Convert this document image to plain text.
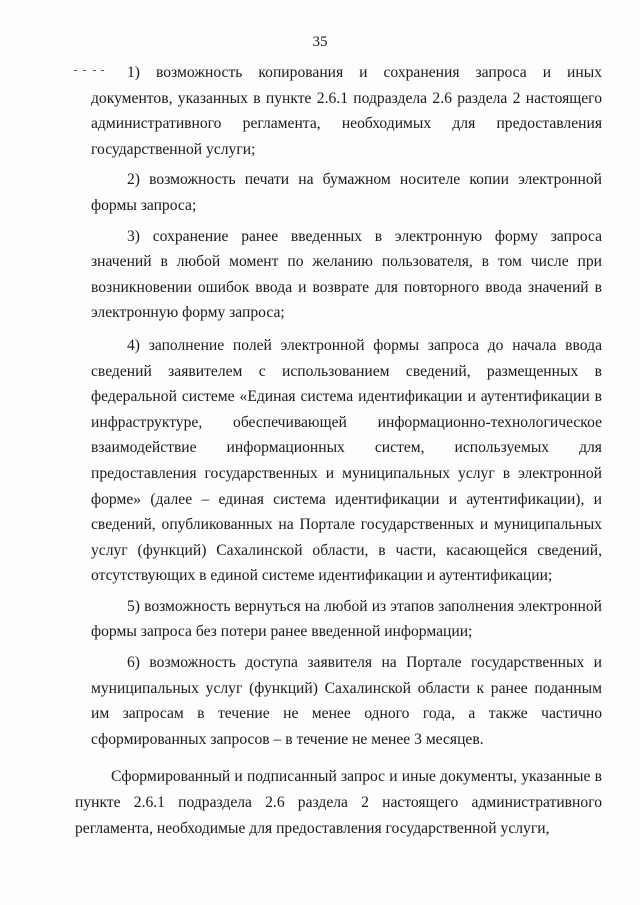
35

1) возможность копирования и сохранения запроса и иных документов, указанных в пункте 2.6.1 подраздела 2.6 раздела 2 настоящего административного регламента, необходимых для предоставления государственной услуги;

2) возможность печати на бумажном носителе копии электронной формы запроса;

3) сохранение ранее введенных в электронную форму запроса значений в любой момент по желанию пользователя, в том числе при возникновении ошибок ввода и возврате для повторного ввода значений в электронную форму запроса;

4) заполнение полей электронной формы запроса до начала ввода сведений заявителем с использованием сведений, размещенных в федеральной системе «Единая система идентификации и аутентификации в инфраструктуре, обеспечивающей информационно-технологическое взаимодействие информационных систем, используемых для предоставления государственных и муниципальных услуг в электронной форме» (далее – единая система идентификации и аутентификации), и сведений, опубликованных на Портале государственных и муниципальных услуг (функций) Сахалинской области, в части, касающейся сведений, отсутствующих в единой системе идентификации и аутентификации;

5) возможность вернуться на любой из этапов заполнения электронной формы запроса без потери ранее введенной информации;

6) возможность доступа заявителя на Портале государственных и муниципальных услуг (функций) Сахалинской области к ранее поданным им запросам в течение не менее одного года, а также частично сформированных запросов – в течение не менее 3 месяцев.

Сформированный и подписанный запрос и иные документы, указанные в пункте 2.6.1 подраздела 2.6 раздела 2 настоящего административного регламента, необходимые для предоставления государственной услуги,
